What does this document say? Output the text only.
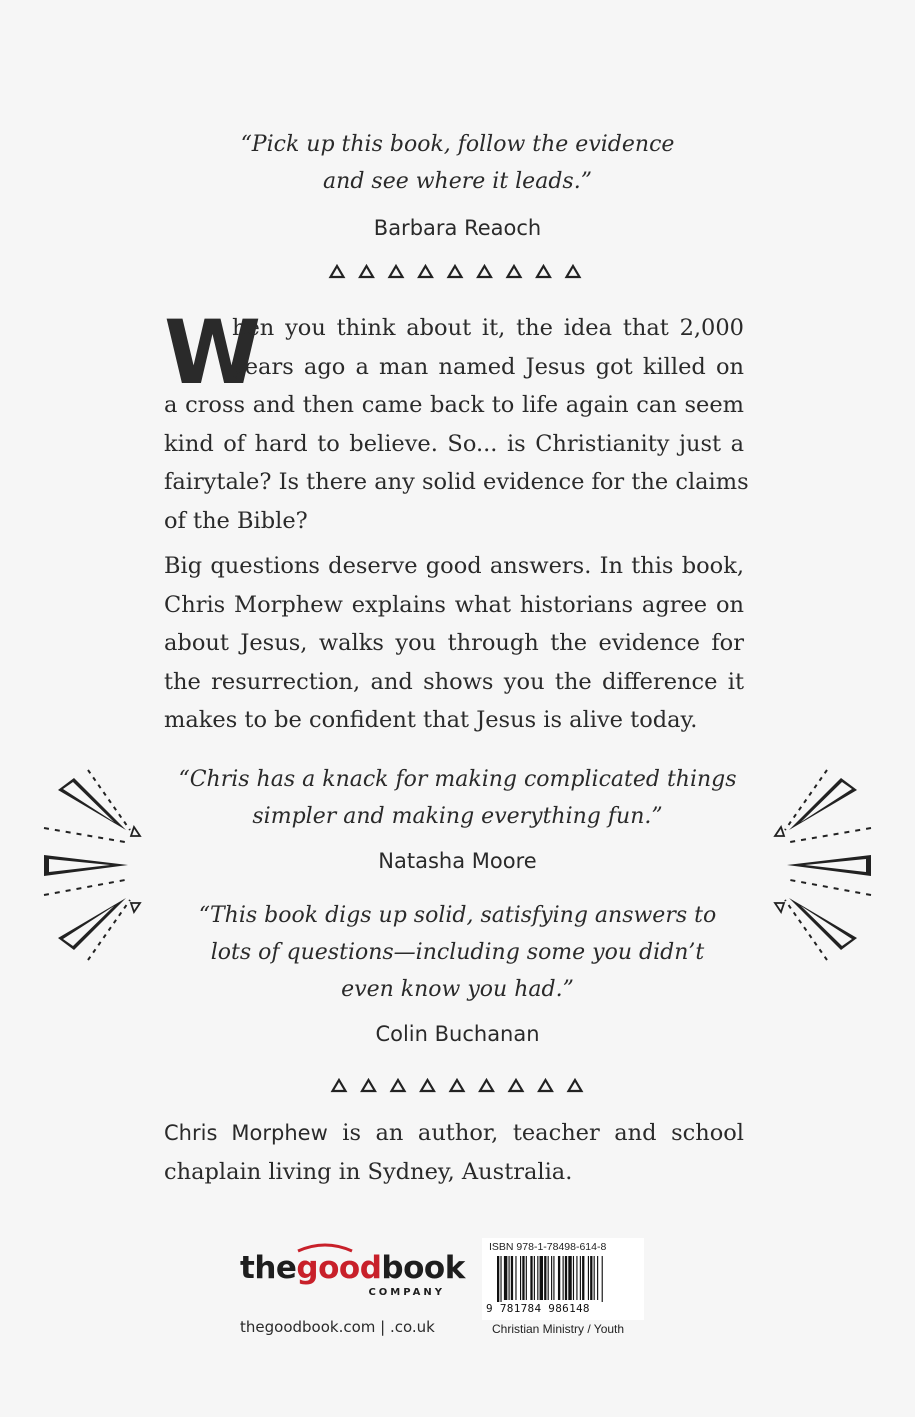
“Pick up this book, follow the evidence
and see where it leads.”
Barbara Reaoch
W
hen you think about it, the idea that 2,000
years ago a man named Jesus got killed on
a cross and then came back to life again can seem
kind of hard to believe. So... is Christianity just a
fairytale? Is there any solid evidence for the claims
of the Bible?
Big questions deserve good answers. In this book,
Chris Morphew explains what historians agree on
about Jesus, walks you through the evidence for
the resurrection, and shows you the difference it
makes to be confident that Jesus is alive today.
“Chris has a knack for making complicated things
simpler and making everything fun.”
Natasha Moore
“This book digs up solid, satisfying answers to
lots of questions—including some you didn’t
even know you had.”
Colin Buchanan
Chris Morphew is an author, teacher and school
chaplain living in Sydney, Australia.
thegoodbook
COMPANY
thegoodbook.com | .co.uk
ISBN 978-1-78498-614-8
9 781784 986148
Christian Ministry / Youth
